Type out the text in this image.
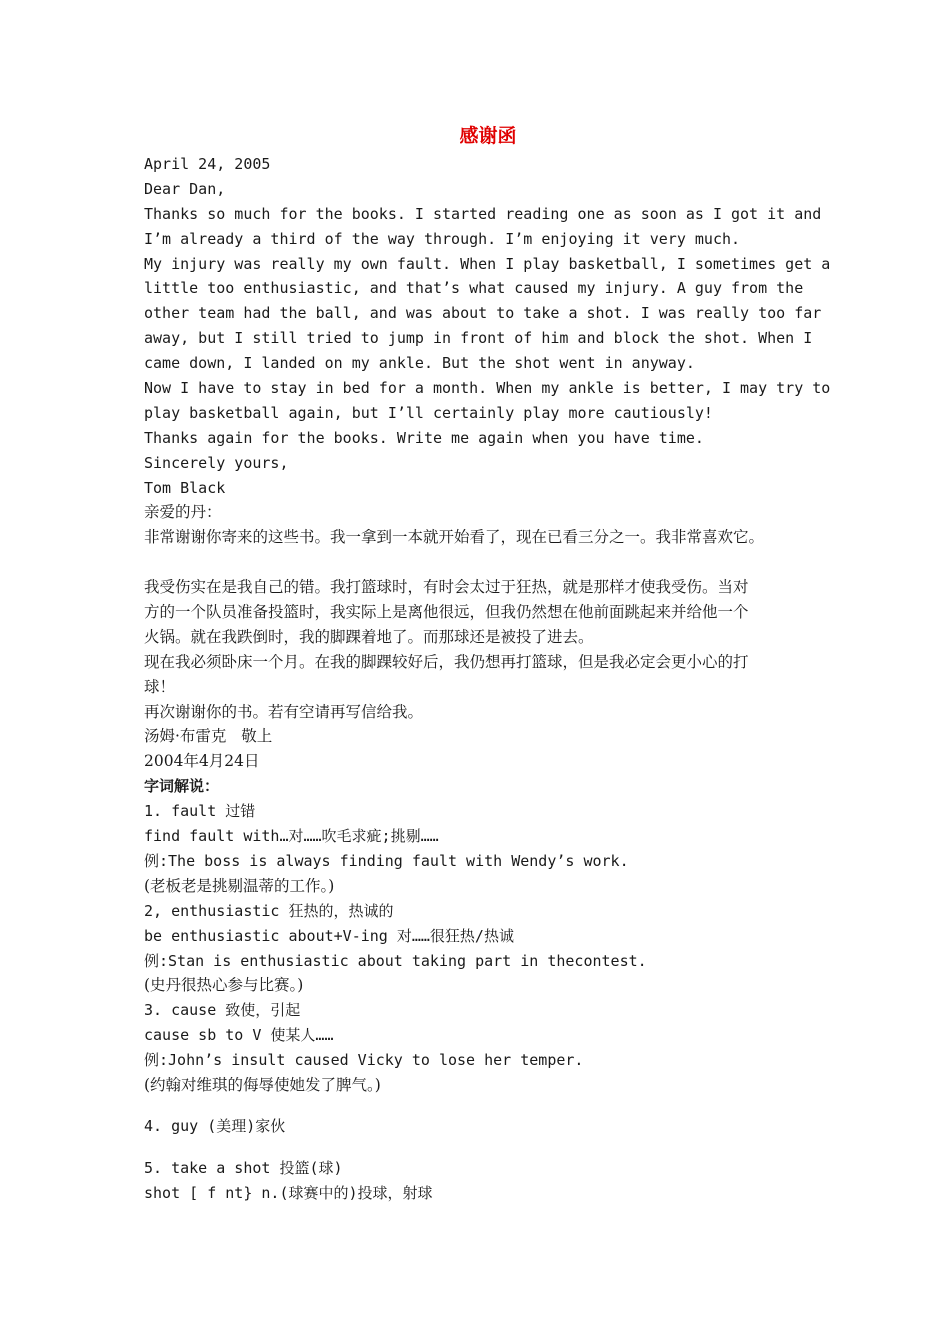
感谢函
April 24, 2005
Dear Dan,
Thanks so much for the books. I started reading one as soon as I got it and
I’m already a third of the way through. I’m enjoying it very much.
My injury was really my own fault. When I play basketball, I sometimes get a
little too enthusiastic, and that’s what caused my injury. A guy from the
other team had the ball, and was about to take a shot. I was really too far
away, but I still tried to jump in front of him and block the shot. When I
came down, I landed on my ankle. But the shot went in anyway.
Now I have to stay in bed for a month. When my ankle is better, I may try to
play basketball again, but I’ll certainly play more cautiously!
Thanks again for the books. Write me again when you have time.
Sincerely yours,
Tom Black
亲爱的丹：
非常谢谢你寄来的这些书。我一拿到一本就开始看了，现在已看三分之一。我非常喜欢它。
我受伤实在是我自己的错。我打篮球时，有时会太过于狂热，就是那样才使我受伤。当对
方的一个队员准备投篮时，我实际上是离他很远，但我仍然想在他前面跳起来并给他一个
火锅。就在我跌倒时，我的脚踝着地了。而那球还是被投了进去。
现在我必须卧床一个月。在我的脚踝较好后，我仍想再打篮球，但是我必定会更小心的打
球！
再次谢谢你的书。若有空请再写信给我。
汤姆·布雷克   敬上
2004年4月24日
字词解说：
1. fault 过错
find fault with…对……吹毛求疵;挑剔……
例:The boss is always finding fault with Wendy’s work.
(老板老是挑剔温蒂的工作。)
2, enthusiastic 狂热的，热诚的
be enthusiastic about+V-ing 对……很狂热/热诚
例:Stan is enthusiastic about taking part in thecontest.
(史丹很热心参与比赛。)
3. cause 致使，引起
cause sb to V 使某人……
例:John’s insult caused Vicky to lose her temper.
(约翰对维琪的侮辱使她发了脾气。)
4. guy (美理)家伙
5. take a shot 投篮(球)
shot [ f nt} n.(球赛中的)投球，射球
